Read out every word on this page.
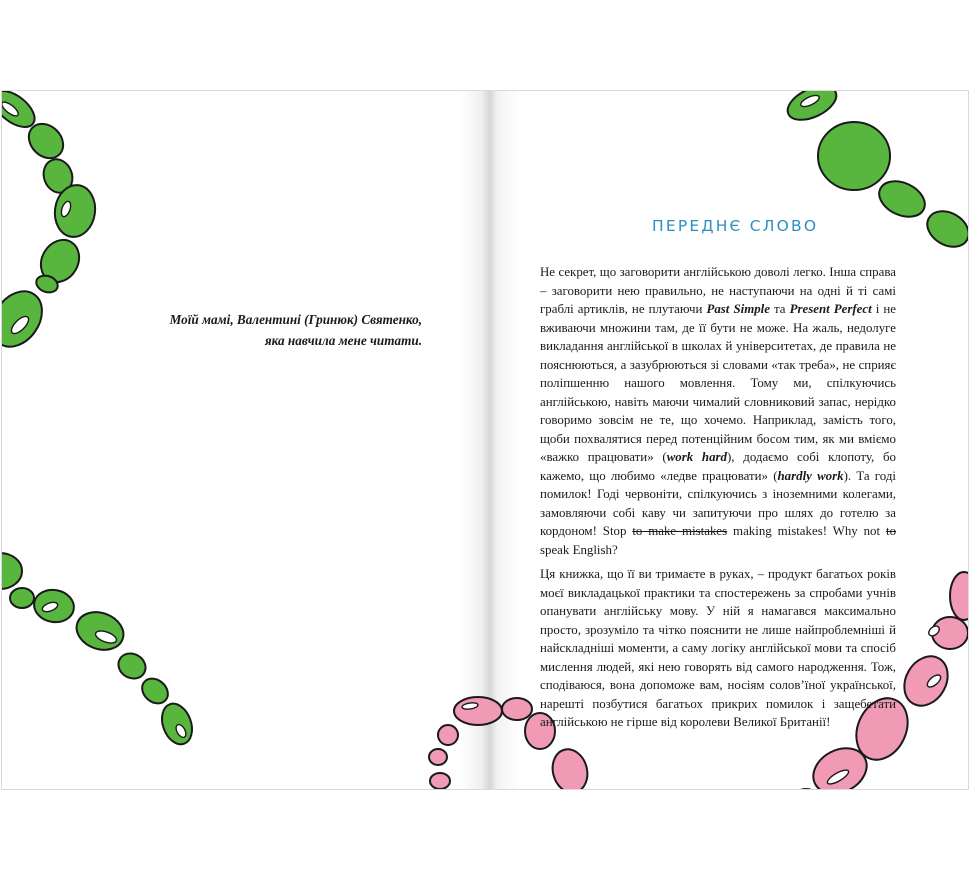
Моїй мамі, Валентині (Гринюк) Святенко,
яка навчила мене читати.
ПЕРЕДНЄ СЛОВО

Не секрет, що заговорити англійською доволі легко. Інша справа – заговорити нею правильно, не наступаючи на одні й ті самі граблі артиклів, не плутаючи Past Simple та Present Perfect і не вживаючи множини там, де її бути не може. На жаль, недолуге викладання англійської в школах й університетах, де правила не пояснюються, а зазубрюються зі словами «так треба», не сприяє поліпшенню нашого мовлення. Тому ми, спілкуючись англійською, навіть маючи чималий словниковий запас, нерідко говоримо зовсім не те, що хочемо. Наприклад, замість того, щоби похвалятися перед потенційним босом тим, як ми вміємо «важко працювати» (work hard), додаємо собі клопоту, бо кажемо, що любимо «ледве працювати» (hardly work). Та годі помилок! Годі червоніти, спілкуючись з іноземними колегами, замовляючи собі каву чи запитуючи про шлях до готелю за кордоном! Stop to make mistakes making mistakes! Why not to speak English?

Ця книжка, що її ви тримаєте в руках, – продукт багатьох років моєї викладацької практики та спостережень за спробами учнів опанувати англійську мову. У ній я намагався максимально просто, зрозуміло та чітко пояснити не лише найпроблемніші й найскладніші моменти, а саму логіку англійської мови та спосіб мислення людей, які нею говорять від самого народження. Тож, сподіваюся, вона допоможе вам, носіям солов’їної української, нарешті позбутися багатьох прикрих помилок і защебетати англійською не гірше від королеви Великої Британії!
